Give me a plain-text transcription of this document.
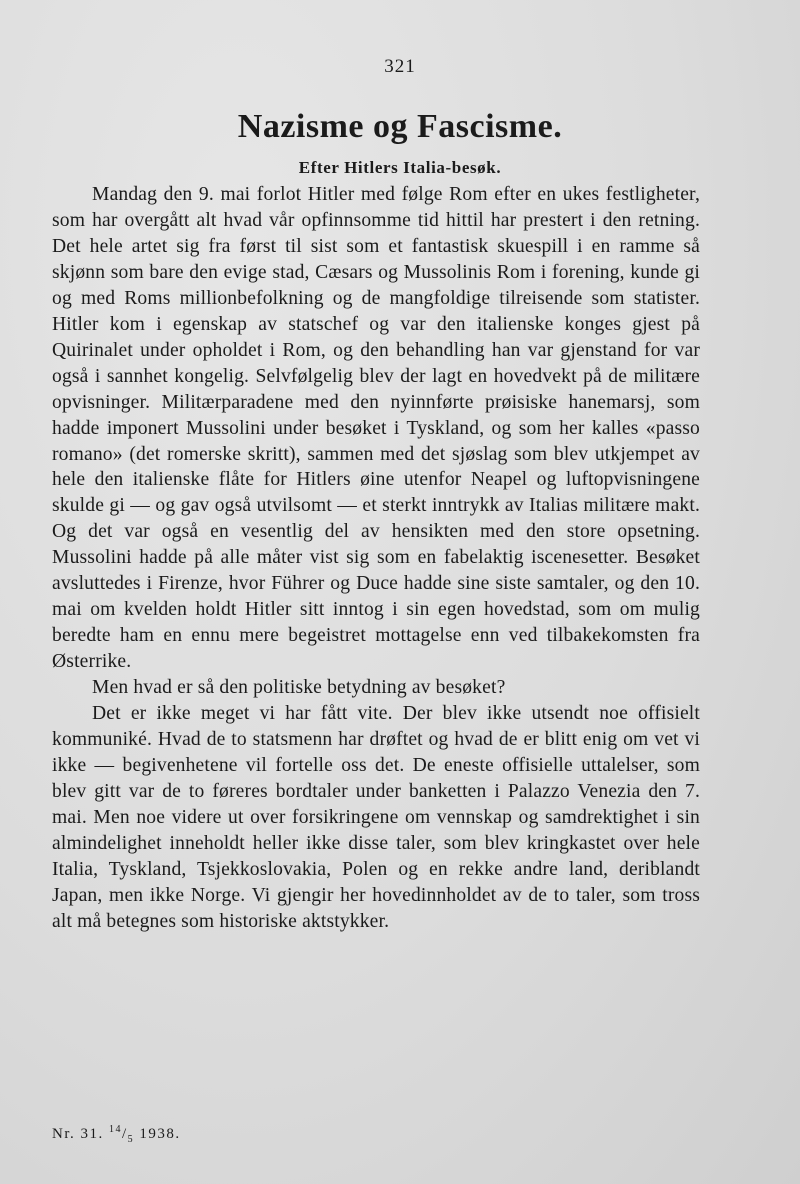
321
Nazisme og Fascisme.
Efter Hitlers Italia-besøk.

Mandag den 9. mai forlot Hitler med følge Rom efter en ukes festligheter, som har overgått alt hvad vår opfinnsomme tid hittil har prestert i den retning. Det hele artet sig fra først til sist som et fantastisk skuespill i en ramme så skjønn som bare den evige stad, Cæsars og Mussolinis Rom i forening, kunde gi og med Roms millionbefolkning og de mangfoldige tilreisende som statister. Hitler kom i egenskap av statschef og var den italienske konges gjest på Quirinalet under opholdet i Rom, og den behandling han var gjenstand for var også i sannhet kongelig. Selvfølgelig blev der lagt en hovedvekt på de militære opvisninger. Militærparadene med den nyinnførte prøisiske hanemarsj, som hadde imponert Mussolini under besøket i Tyskland, og som her kalles «passo romano» (det romerske skritt), sammen med det sjøslag som blev utkjempet av hele den italienske flåte for Hitlers øine utenfor Neapel og luftopvisningene skulde gi — og gav også utvilsomt — et sterkt inntrykk av Italias militære makt. Og det var også en vesentlig del av hensikten med den store opsetning. Mussolini hadde på alle måter vist sig som en fabelaktig iscenesetter. Besøket avsluttedes i Firenze, hvor Führer og Duce hadde sine siste samtaler, og den 10. mai om kvelden holdt Hitler sitt inntog i sin egen hovedstad, som om mulig beredte ham en ennu mere begeistret mottagelse enn ved tilbakekomsten fra Østerrike.

Men hvad er så den politiske betydning av besøket?

Det er ikke meget vi har fått vite. Der blev ikke utsendt noe offisielt kommuniké. Hvad de to statsmenn har drøftet og hvad de er blitt enig om vet vi ikke — begivenhetene vil fortelle oss det. De eneste offisielle uttalelser, som blev gitt var de to føreres bordtaler under banketten i Palazzo Venezia den 7. mai. Men noe videre ut over forsikringene om vennskap og samdrektighet i sin almindelighet inneholdt heller ikke disse taler, som blev kringkastet over hele Italia, Tyskland, Tsjekkoslovakia, Polen og en rekke andre land, deriblandt Japan, men ikke Norge. Vi gjengir her hovedinnholdet av de to taler, som tross alt må betegnes som historiske aktstykker.

Nr. 31. $^{14}/_5$ 1938.
